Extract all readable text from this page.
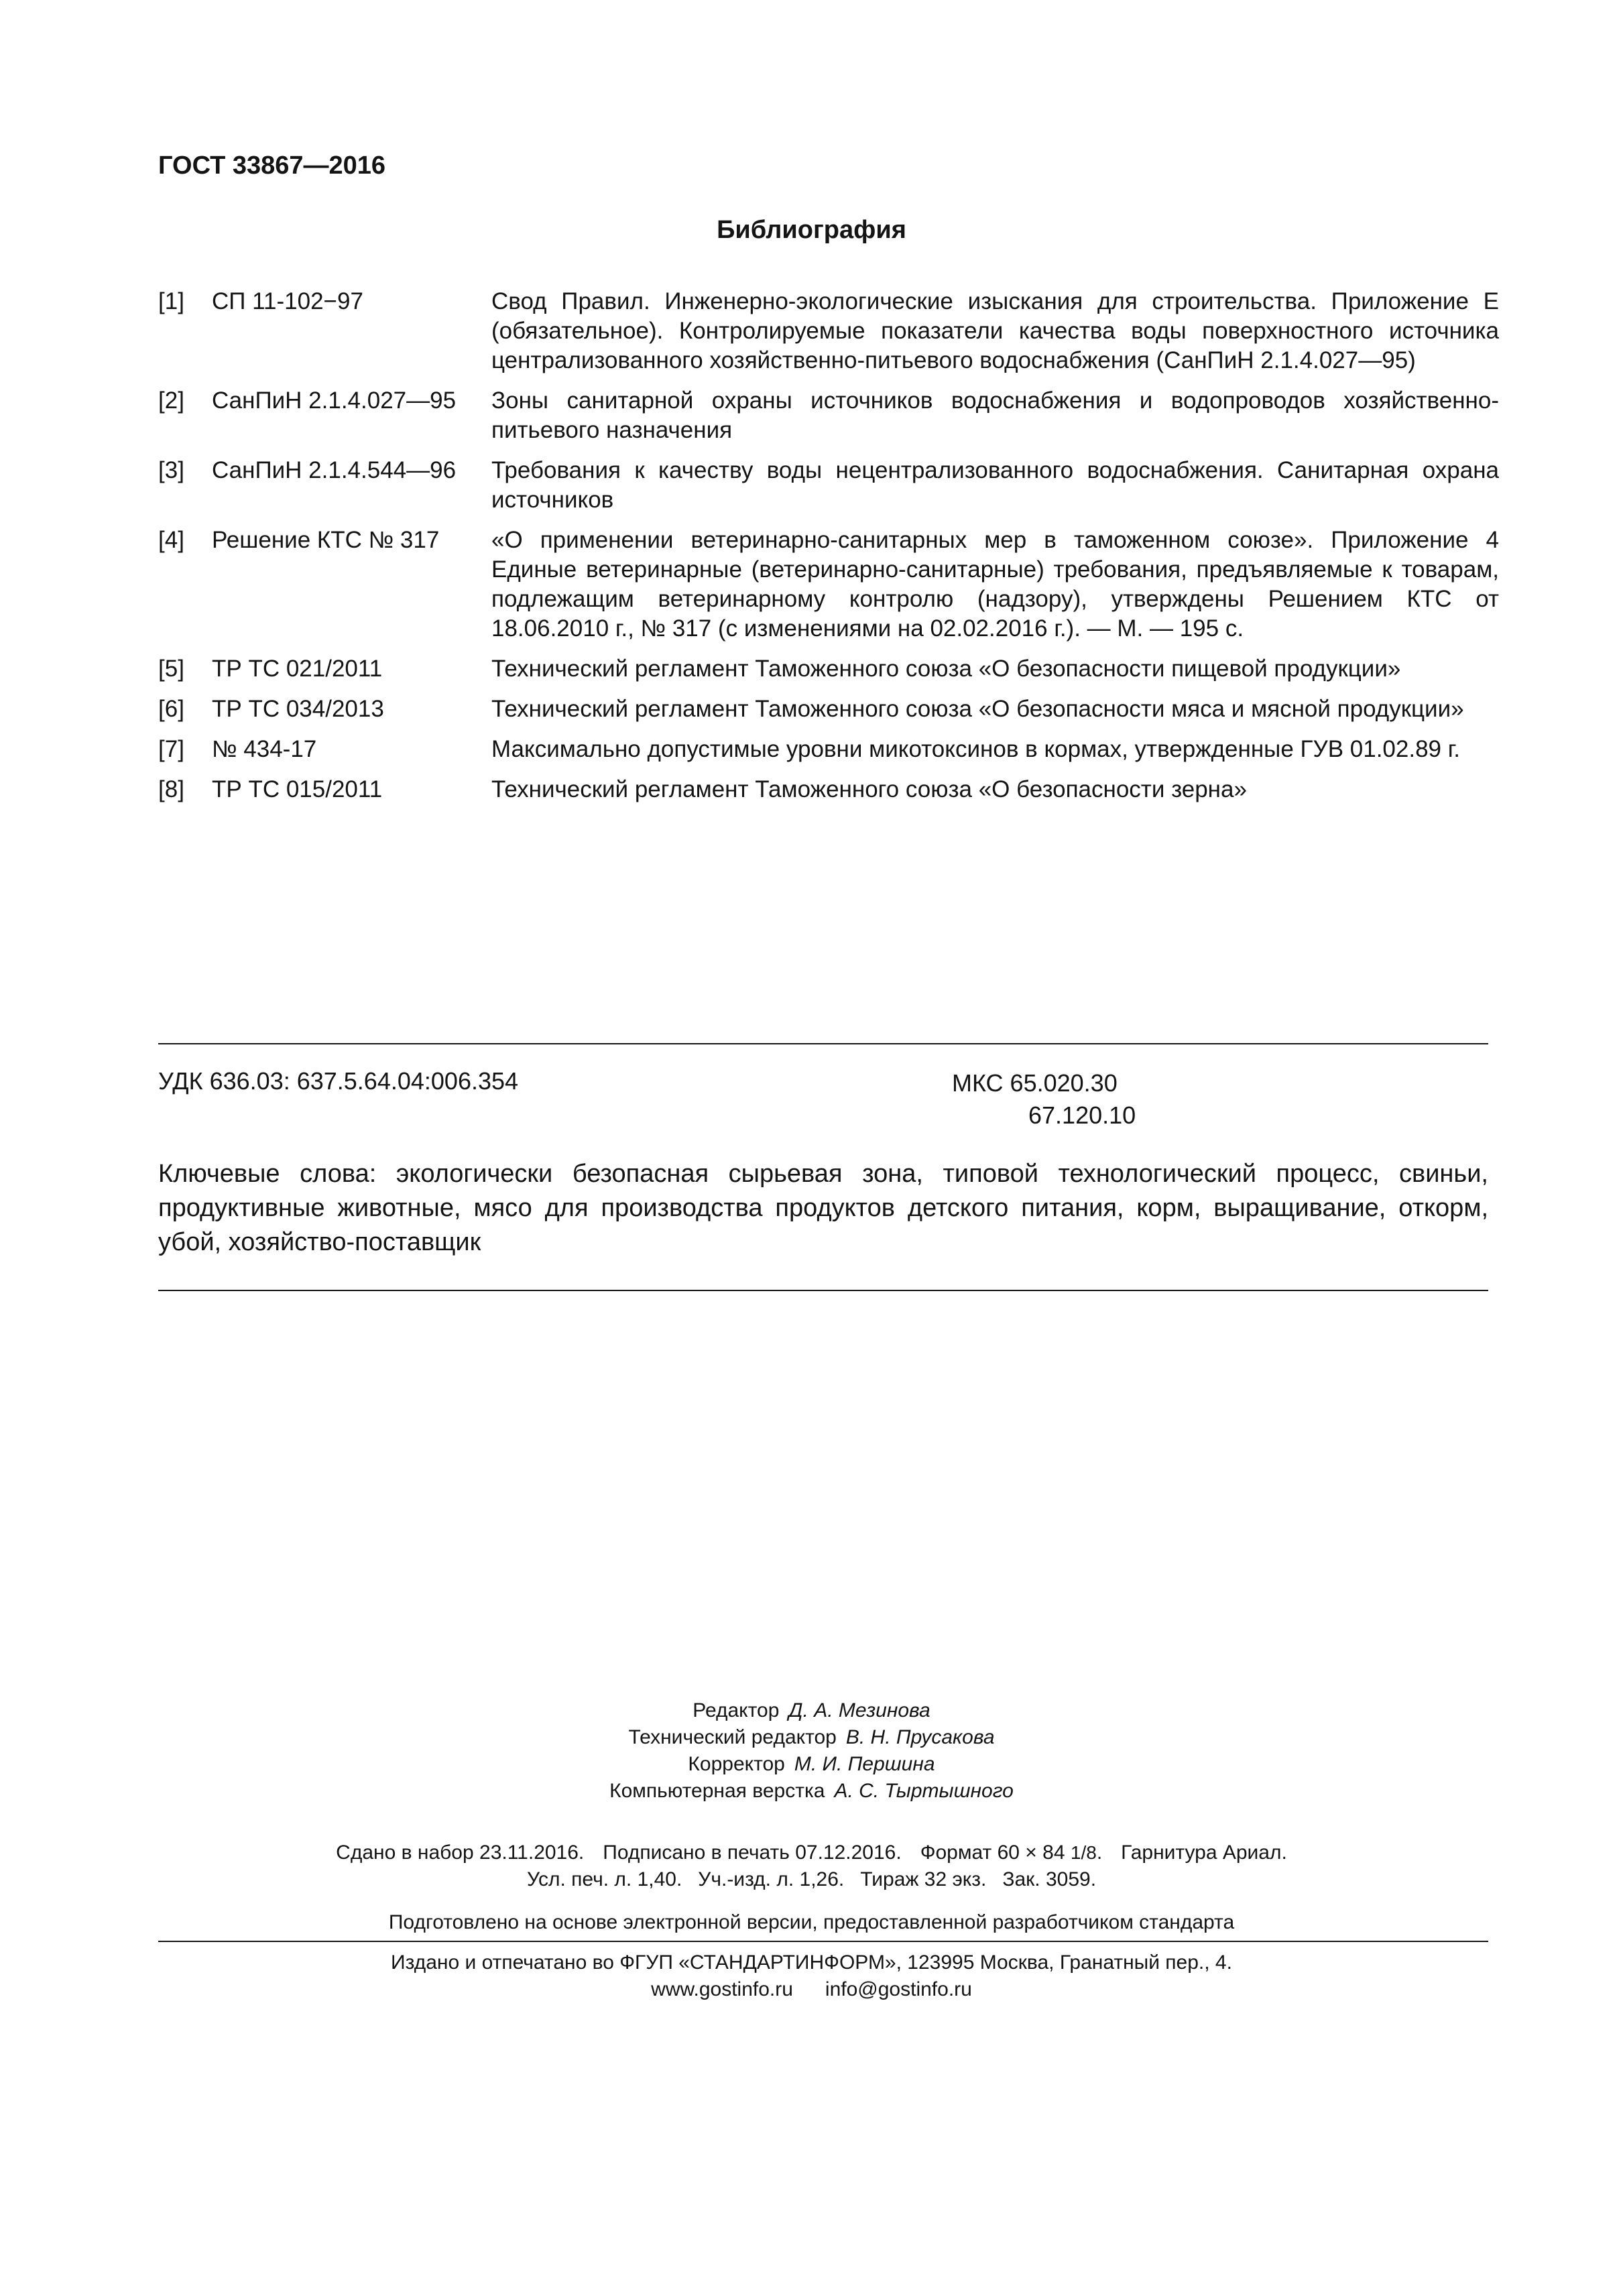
ГОСТ 33867—2016
Библиография
[1]	СП 11-102−97	Свод Правил. Инженерно-экологические изыскания для строительства. Приложение Е (обязательное). Контролируемые показатели качества воды поверхностного источника централизованного хозяйственно-питьевого водоснабжения (СанПиН 2.1.4.027—95)
[2]	СанПиН 2.1.4.027—95	Зоны санитарной охраны источников водоснабжения и водопроводов хозяйственно-питьевого назначения
[3]	СанПиН 2.1.4.544—96	Требования к качеству воды нецентрализованного водоснабжения. Санитарная охрана источников
[4]	Решение КТС № 317	«О применении ветеринарно-санитарных мер в таможенном союзе». Приложение 4 Единые ветеринарные (ветеринарно-санитарные) требования, предъявляемые к товарам, подлежащим ветеринарному контролю (надзору), утверждены Решением КТС от 18.06.2010 г., № 317 (с изменениями на 02.02.2016 г.). — М. — 195 с.
[5]	ТР ТС 021/2011	Технический регламент Таможенного союза «О безопасности пищевой продукции»
[6]	ТР ТС 034/2013	Технический регламент Таможенного союза «О безопасности мяса и мясной продукции»
[7]	№ 434-17	Максимально допустимые уровни микотоксинов в кормах, утвержденные ГУВ 01.02.89 г.
[8]	ТР ТС 015/2011	Технический регламент Таможенного союза «О безопасности зерна»
УДК 636.03: 637.5.64.04:006.354	МКС 65.020.30
67.120.10
Ключевые слова: экологически безопасная сырьевая зона, типовой технологический процесс, свиньи, продуктивные животные, мясо для производства продуктов детского питания, корм, выращивание, откорм, убой, хозяйство-поставщик
Редактор Д. А. Мезинова
Технический редактор В. Н. Прусакова
Корректор М. И. Першина
Компьютерная верстка А. С. Тыртышного
Сдано в набор 23.11.2016. Подписано в печать 07.12.2016. Формат 60 × 84 1/8. Гарнитура Ариал.
Усл. печ. л. 1,40. Уч.-изд. л. 1,26. Тираж 32 экз. Зак. 3059.
Подготовлено на основе электронной версии, предоставленной разработчиком стандарта
Издано и отпечатано во ФГУП «СТАНДАРТИНФОРМ», 123995 Москва, Гранатный пер., 4.
www.gostinfo.ru info@gostinfo.ru
